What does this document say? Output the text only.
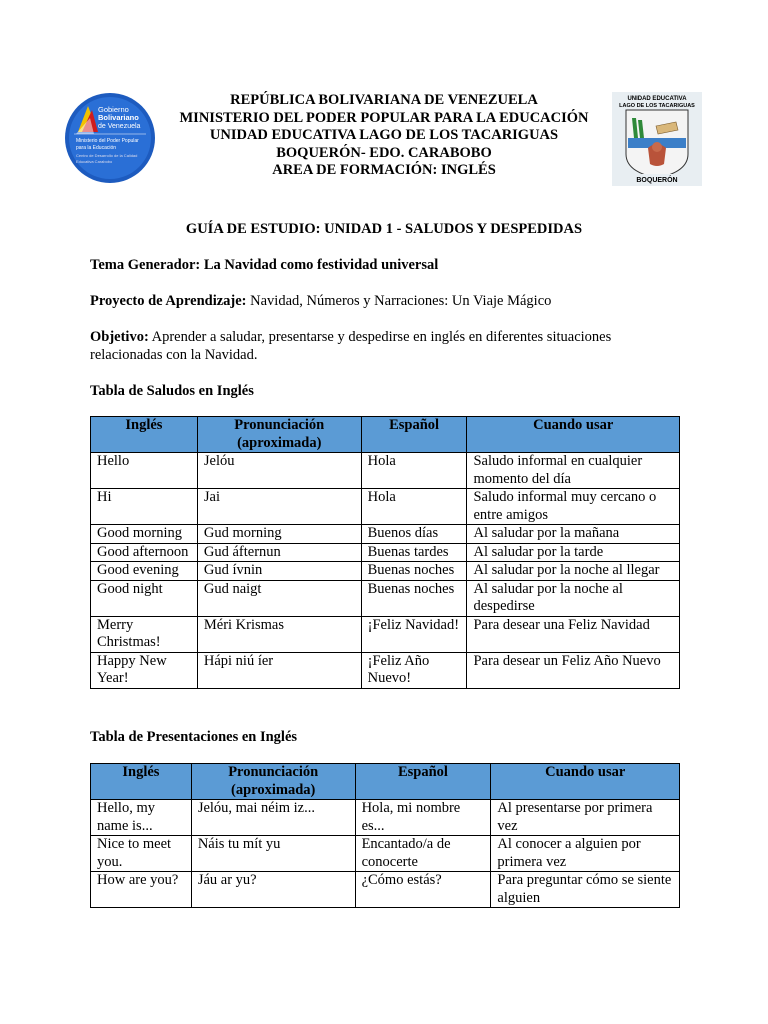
Gobierno
Bolivariano
de Venezuela
Ministerio del Poder Popular
para la Educación
Centro de Desarrollo de la Calidad
Educativa Carabobo
REPÚBLICA BOLIVARIANA DE VENEZUELA
MINISTERIO DEL PODER POPULAR PARA LA EDUCACIÓN
UNIDAD EDUCATIVA LAGO DE LOS TACARIGUAS
BOQUERÓN- EDO. CARABOBO
AREA DE FORMACIÓN: INGLÉS
UNIDAD EDUCATIVA
LAGO DE LOS TACARIGUAS
BOQUERÓN
GUÍA DE ESTUDIO: UNIDAD 1 - SALUDOS Y DESPEDIDAS
Tema Generador: La Navidad como festividad universal
Proyecto de Aprendizaje: Navidad, Números y Narraciones: Un Viaje Mágico
Objetivo: Aprender a saludar, presentarse y despedirse en inglés en diferentes situaciones relacionadas con la Navidad.
Tabla de Saludos en Inglés
Inglés	Pronunciación (aproximada)	Español	Cuando usar
Hello	Jelóu	Hola	Saludo informal en cualquier momento del día
Hi	Jai	Hola	Saludo informal muy cercano o entre amigos
Good morning	Gud morning	Buenos días	Al saludar por la mañana
Good afternoon	Gud áfternun	Buenas tardes	Al saludar por la tarde
Good evening	Gud ívnin	Buenas noches	Al saludar por la noche al llegar
Good night	Gud naigt	Buenas noches	Al saludar por la noche al despedirse
Merry Christmas!	Méri Krismas	¡Feliz Navidad!	Para desear una Feliz Navidad
Happy New Year!	Hápi niú íer	¡Feliz Año Nuevo!	Para desear un Feliz Año Nuevo
Tabla de Presentaciones en Inglés
Inglés	Pronunciación (aproximada)	Español	Cuando usar
Hello, my name is...	Jelóu, mai néim iz...	Hola, mi nombre es...	Al presentarse por primera vez
Nice to meet you.	Náis tu mít yu	Encantado/a de conocerte	Al conocer a alguien por primera vez
How are you?	Jáu ar yu?	¿Cómo estás?	Para preguntar cómo se siente alguien
